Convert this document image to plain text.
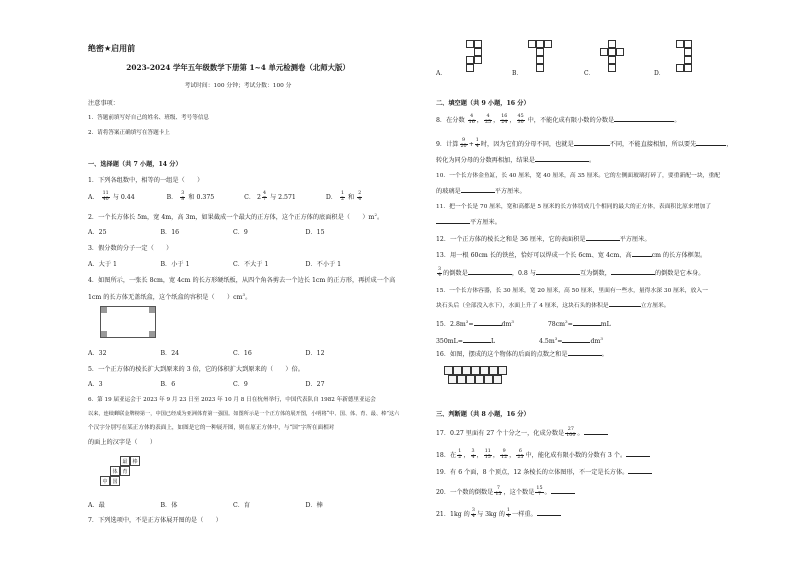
绝密★启用前
2023-2024 学年五年级数学下册第 1~4 单元检测卷（北师大版）
考试时间：100 分钟；考试分数：100 分
注意事项：
1．答题前填写好自己的姓名、班级、考号等信息
2．请将答案正确填写在答题卡上
一、选择题（共 7 小题，14 分）
1．下列各组数中，相等的一组是（　　）
A． $\frac{11}{40}$ 与 0.44	B． $\frac{3}{8}$ 和 0.375	C． $2 \frac{4}{7}$ 与 2.571	D． $\frac{1}{2}$ 和 $\frac{2}{4}$
2．一个长方体长 5m，宽 4m，高 3m，如果截成一个最大的正方体，这个正方体的底面积是（　　）$m^2$。
A．25	B．16	C．9	D．15
3．假分数的分子一定（　　）
A．大于 1	B．小于 1	C．不大于 1	D．不小于 1
4．如图所示，一张长 8cm，宽 4cm 的长方形硬纸板，从四个角各剪去一个边长 1cm 的正方形，再折成一个高
1cm 的长方体无盖纸盒，这个纸盒的容积是（　　）$cm^3$。
A．32	B．24	C．16	D．12
5．一个正方体的棱长扩大到原来的 3 倍，它的体积扩大到原来的（　　）倍。
A．3	B．6	C．9	D．27
6．第 19 届亚运会于 2023 年 9 月 23 日至 2023 年 10 月 8 日在杭州举行，中国代表队自 1982 年新德里亚运会
以来，连续蝉联金牌榜第一，中国已经成为亚洲体育第一强国。如图所示是一个正方体的展开图，小明将“中、国、体、育、最、棒”这六
个汉字分别写在某正方体的表面上，如图是它的一种展开图，则在原正方体中，与“国”字所在面相对
的面上的汉字是（　　）
最 棒
体 育
中 国
A．最	B．体	C．育	D．棒
7．下列选项中，不是正方体展开图的是（　　）
A．	B．	C．	D．
二、填空题（共 9 小题，16 分）
8．在分数 $\frac{4}{16}$ ， $\frac{4}{25}$ ， $\frac{16}{24}$ ， $\frac{45}{30}$ 中，不能化成有限小数的分数是	。
9．计算 $\frac{9}{20} + \frac{1}{4}$ 时，因为它们的分母不同，也就是	不同，不能直接相加，所以要先	，
转化为同分母的分数再相加，结果是	。
10．一个长方体金鱼缸，长 40 厘米，宽 40 厘米，高 35 厘米。它的左侧面玻璃打碎了，要重新配一块，重配
的玻璃是	平方厘米。
11．把一个长是 70 厘米，宽和高都是 5 厘米的长方体切成几个相同的最大的正方体，表面积比原来增加了
平方厘米。
12．一个正方体的棱长之和是 36 厘米，它的表面积是	平方厘米。
13．用一根 60cm 长的铁丝，恰好可以焊成一个长 6cm、宽 4cm、高	cm 的长方体框架。
$\frac{3}{4}$ 的倒数是	，0.8 与	互为倒数，	的倒数是它本身。
15．一个长方体容器，长 30 厘米，宽 20 厘米，高 50 厘米，里面有一些水，量得水深 30 厘米，放入一
块石头后（全部没入水下），水面上升了 4 厘米，这块石头的体积是	立方厘米。
15．$2.8m^3=$	$dm^3$	$78cm^3=$	mL
350mL=	L	$4.5m^3=$	$dm^3$
16．如图，摆成的这个物体的后面的点数之和是	。
三、判断题（共 8 小题，16 分）
17．0.27 里面有 27 个十分之一，化成分数是 $\frac{27}{100}$ 。
18．在 $\frac{1}{2}$ ， $\frac{3}{4}$ ， $\frac{11}{15}$ ， $\frac{9}{12}$ ， $\frac{6}{25}$ 中，能化成有限小数的分数有 3 个。
19．有 6 个面，8 个顶点，12 条棱长的立体图形，不一定是长方体。
20．一个数的倒数是 $\frac{7}{15}$ ，这个数是 $\frac{15}{7}$ 。
21．1kg 的 $\frac{3}{4}$ 与 3kg 的 $\frac{1}{4}$ 一样重。
